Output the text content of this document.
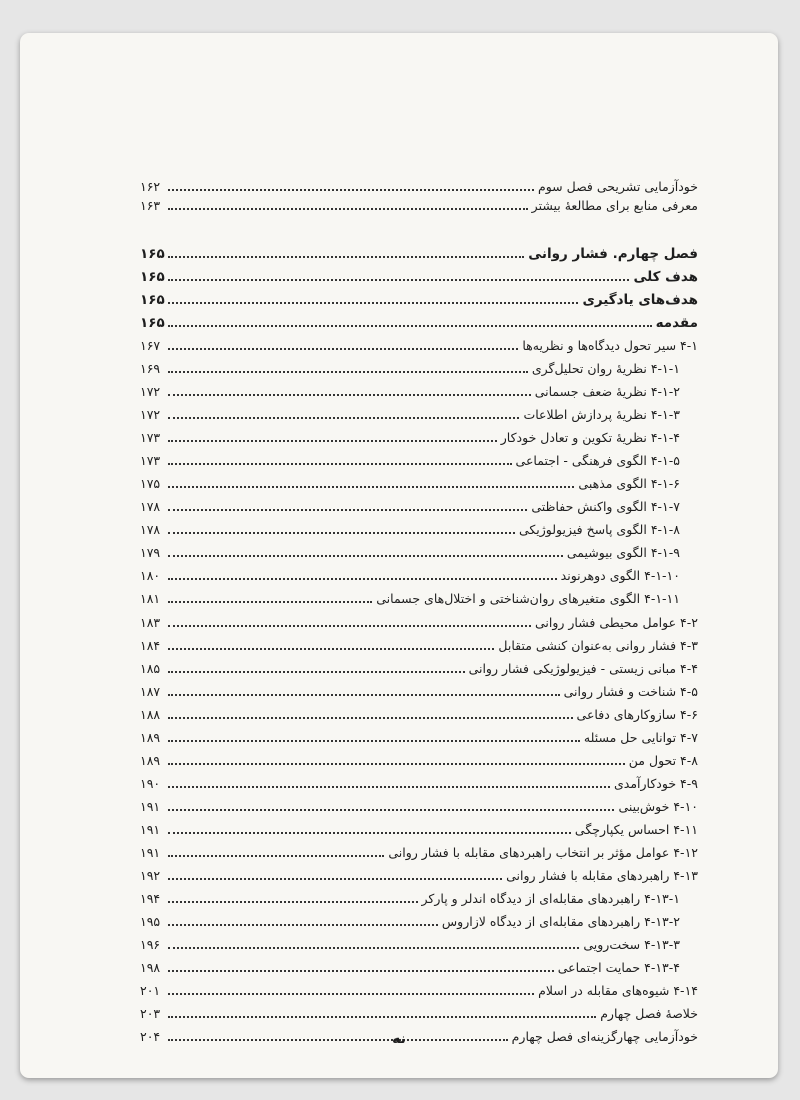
خودآزمایی تشریحی فصل سوم
۱۶۲
معرفی منابع برای مطالعهٔ بیشتر
۱۶۳
فصل چهارم. فشار روانی
۱۶۵
هدف کلی
۱۶۵
هدف‌های یادگیری
۱۶۵
مقدمه
۱۶۵
۴-۱ سیر تحول دیدگاه‌ها و نظریه‌ها
۱۶۷
۴-۱-۱ نظریهٔ روان تحلیل‌گری
۱۶۹
۴-۱-۲ نظریهٔ ضعف جسمانی
۱۷۲
۴-۱-۳ نظریهٔ پردازش اطلاعات
۱۷۲
۴-۱-۴ نظریهٔ تکوین و تعادل خودکار
۱۷۳
۴-۱-۵ الگوی فرهنگی - اجتماعی
۱۷۳
۴-۱-۶ الگوی مذهبی
۱۷۵
۴-۱-۷ الگوی واکنش حفاظتی
۱۷۸
۴-۱-۸ الگوی پاسخ فیزیولوژیکی
۱۷۸
۴-۱-۹ الگوی بیوشیمی
۱۷۹
۴-۱-۱۰ الگوی دوهرنوند
۱۸۰
۴-۱-۱۱ الگوی متغیرهای روان‌شناختی و اختلال‌های جسمانی
۱۸۱
۴-۲ عوامل محیطی فشار روانی
۱۸۳
۴-۳ فشار روانی به‌عنوان کنشی متقابل
۱۸۴
۴-۴ مبانی زیستی - فیزیولوژیکی فشار روانی
۱۸۵
۴-۵ شناخت و فشار روانی
۱۸۷
۴-۶ سازوکارهای دفاعی
۱۸۸
۴-۷ توانایی حل مسئله
۱۸۹
۴-۸ تحول من
۱۸۹
۴-۹ خودکارآمدی
۱۹۰
۴-۱۰ خوش‌بینی
۱۹۱
۴-۱۱ احساس یکپارچگی
۱۹۱
۴-۱۲ عوامل مؤثر بر انتخاب راهبردهای مقابله با فشار روانی
۱۹۱
۴-۱۳ راهبردهای مقابله با فشار روانی
۱۹۲
۴-۱۳-۱ راهبردهای مقابله‌ای از دیدگاه اندلر و پارکر
۱۹۴
۴-۱۳-۲ راهبردهای مقابله‌ای از دیدگاه لازاروس
۱۹۵
۴-۱۳-۳ سخت‌رویی
۱۹۶
۴-۱۳-۴ حمایت اجتماعی
۱۹۸
۴-۱۴ شیوه‌های مقابله در اسلام
۲۰۱
خلاصهٔ فصل چهارم
۲۰۳
خودآزمایی چهارگزینه‌ای فصل چهارم
۲۰۴	نه
